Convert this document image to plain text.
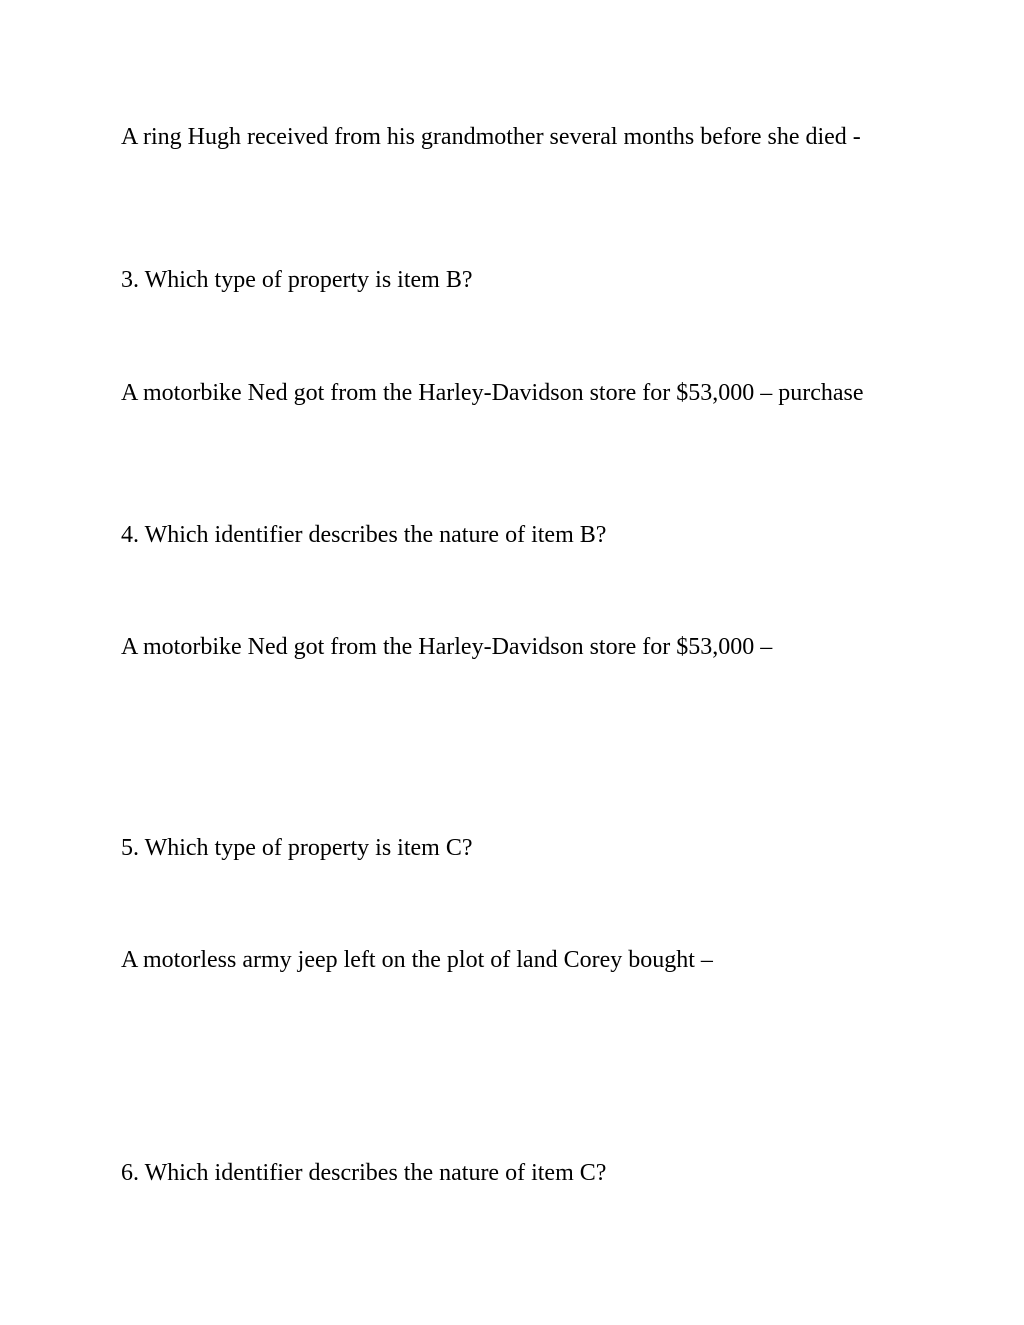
A ring Hugh received from his grandmother several months before she died -

3. Which type of property is item B?

A motorbike Ned got from the Harley-Davidson store for $53,000 – purchase

4. Which identifier describes the nature of item B?

A motorbike Ned got from the Harley-Davidson store for $53,000 –

5. Which type of property is item C?

A motorless army jeep left on the plot of land Corey bought –

6. Which identifier describes the nature of item C?
